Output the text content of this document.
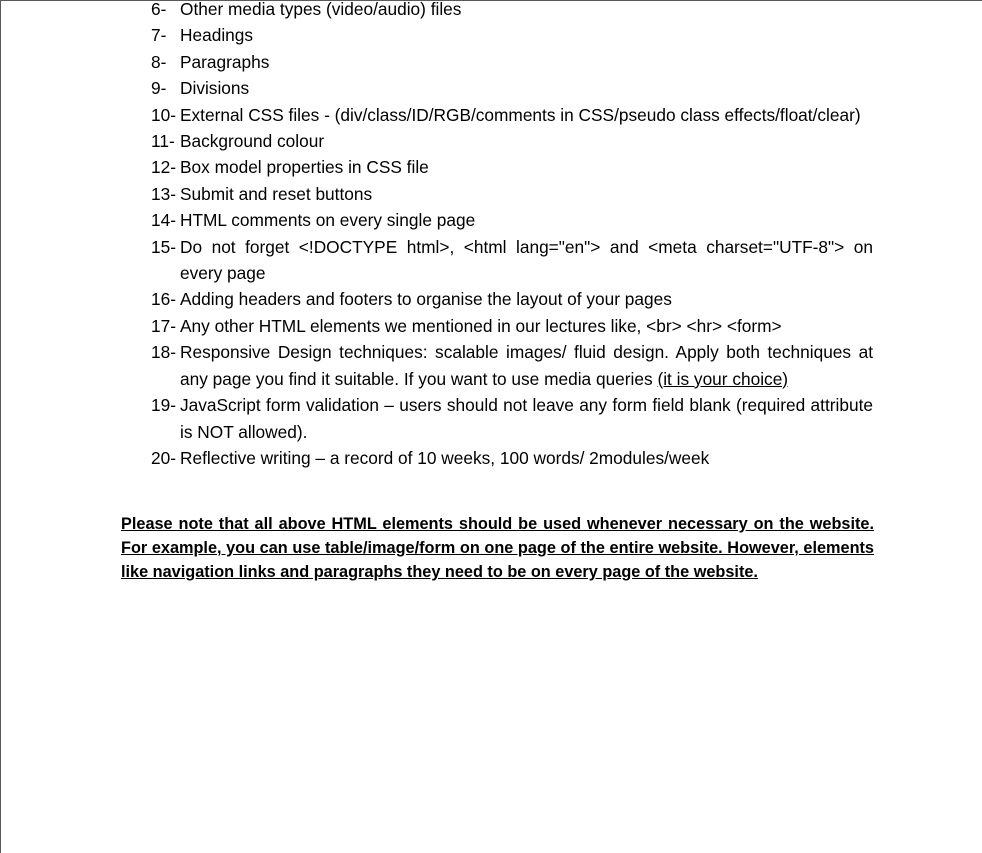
6- Other media types (video/audio) files
7- Headings
8- Paragraphs
9- Divisions
10- External CSS files - (div/class/ID/RGB/comments in CSS/pseudo class effects/float/clear)
11- Background colour
12- Box model properties in CSS file
13- Submit and reset buttons
14- HTML comments on every single page
15- Do not forget <!DOCTYPE html>, <html lang="en"> and <meta charset="UTF-8"> on every page
16- Adding headers and footers to organise the layout of your pages
17- Any other HTML elements we mentioned in our lectures like, <br> <hr> <form>
18- Responsive Design techniques: scalable images/ fluid design. Apply both techniques at any page you find it suitable. If you want to use media queries (it is your choice)
19- JavaScript form validation – users should not leave any form field blank (required attribute is NOT allowed).
20- Reflective writing – a record of 10 weeks, 100 words/ 2modules/week

Please note that all above HTML elements should be used whenever necessary on the website. For example, you can use table/image/form on one page of the entire website. However, elements like navigation links and paragraphs they need to be on every page of the website.
